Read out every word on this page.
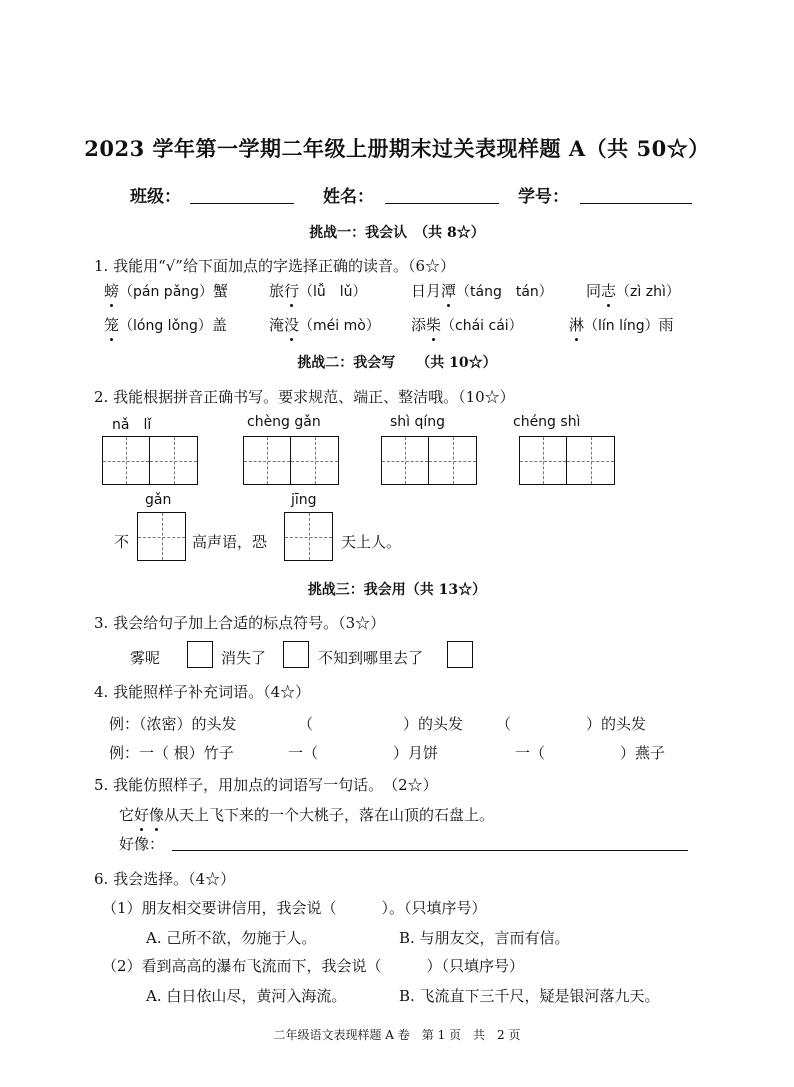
2023 学年第一学期二年级上册期末过关表现样题 A（共 50☆）
班级：	姓名：	学号：
挑战一：我会认　（共 8☆）
1. 我能用“√”给下面加点的字选择正确的读音。（6☆）
螃（pán pǎng）蟹	旅行（lǚ　lǔ）	日月潭（táng　tán） 同志（zì zhì）
笼（lóng lǒng）盖	淹没（méi mò） 添柴（chái cái）	淋（lín líng）雨
挑战二：我会写　　（共 10☆）
2. 我能根据拼音正确书写。要求规范、端正、整洁哦。（10☆）
nǎ　lǐ	chèng gǎn	shì qíng	chéng shì
gǎn	jīng
不	高声语，恐	天上人。
挑战三：我会用（共 13☆）
3. 我会给句子加上合适的标点符号。（3☆）
雾呢	消失了	不知到哪里去了
4. 我能照样子补充词语。（4☆）
例：（浓密）的头发	（　　　　　　）的头发 （　　　　　）的头发
例：一（ 根）竹子	一（　　　　　）月饼	一（　　　　　）燕子
5. 我能仿照样子，用加点的词语写一句话。　（2☆）
它好像从天上飞下来的一个大桃子，落在山顶的石盘上。
好像：
6. 我会选择。（4☆）
（1）朋友相交要讲信用，我会说（　　　）。（只填序号）
A. 己所不欲，勿施于人。	B. 与朋友交，言而有信。
（2）看到高高的瀑布飞流而下，我会说（　　　）（只填序号）
A. 白日依山尽，黄河入海流。	B. 飞流直下三千尺，疑是银河落九天。
二年级语文表现样题 A 卷　第 1 页　共　2 页
